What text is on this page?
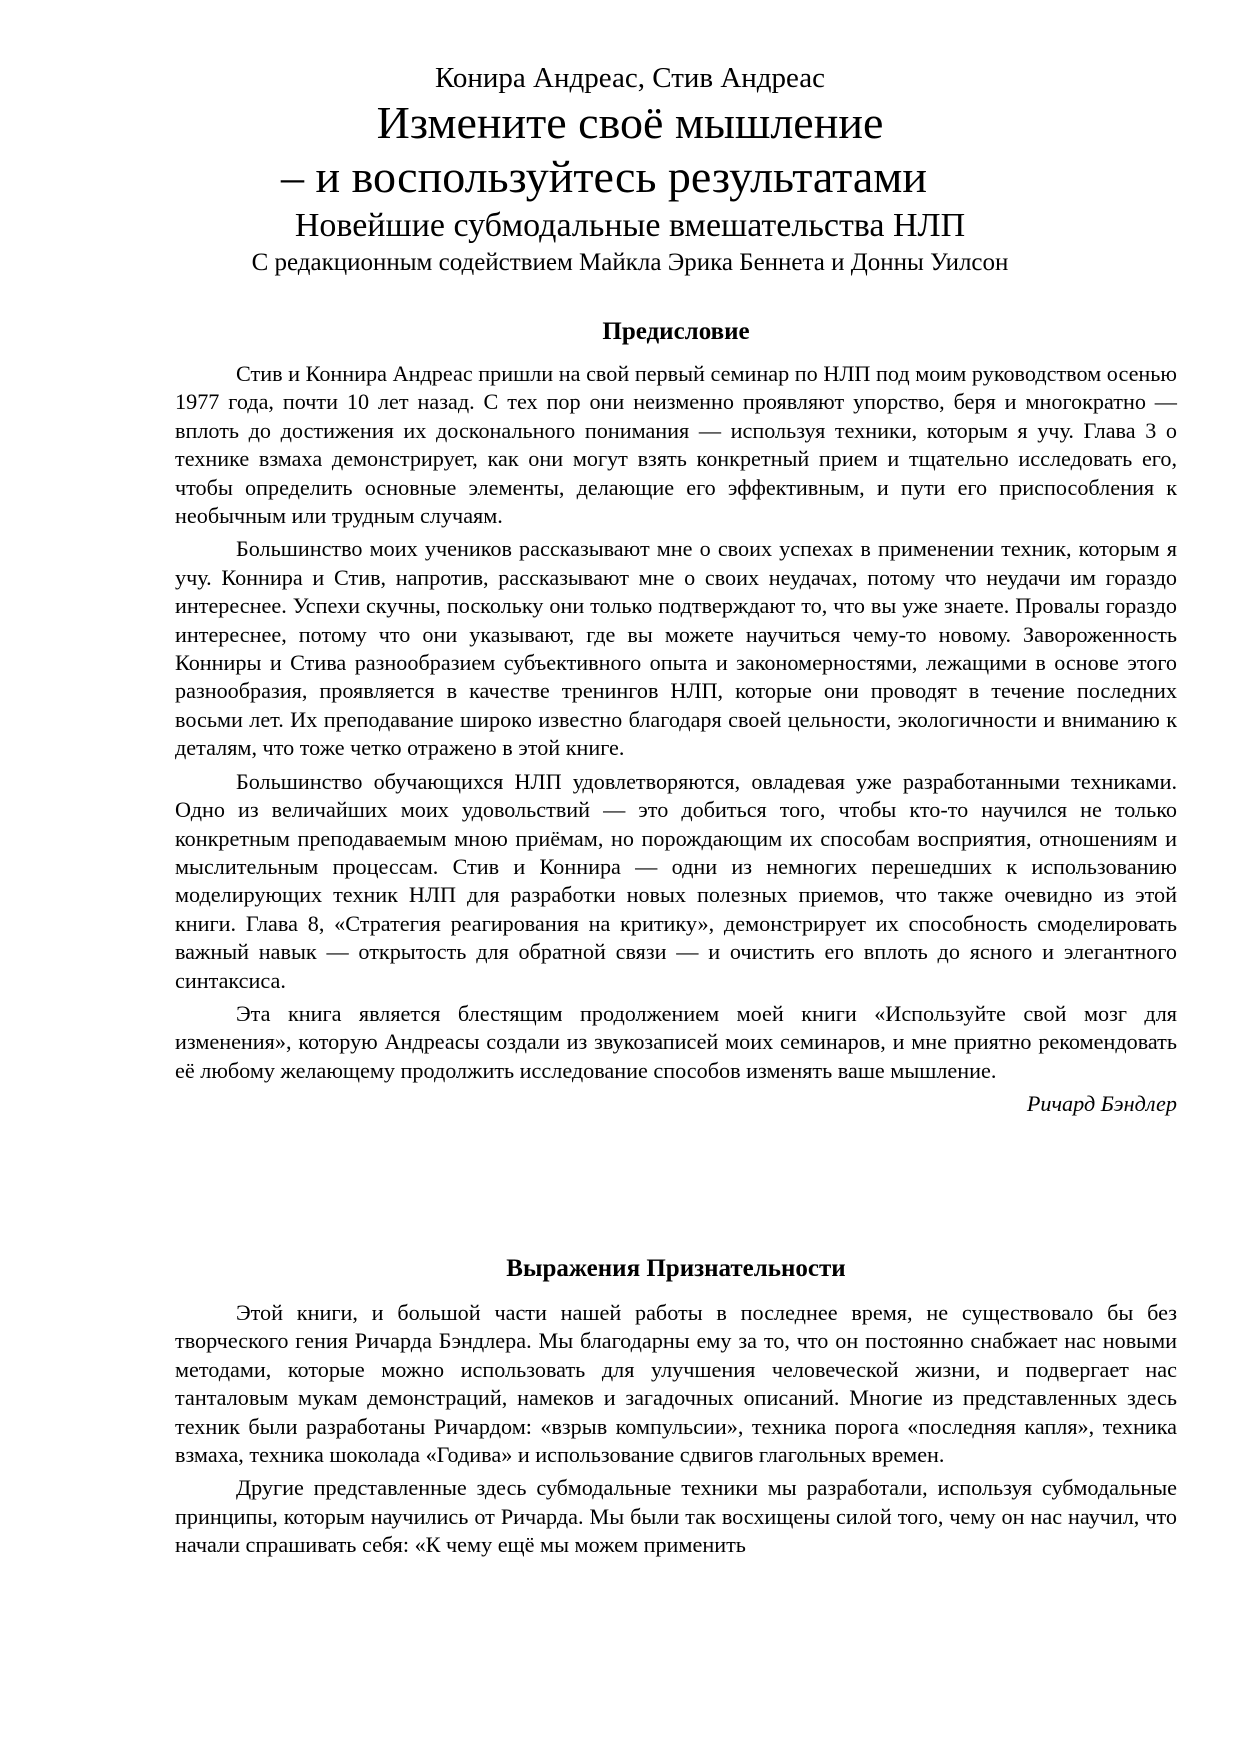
Конира Андреас, Стив Андреас

Измените своё мышление

– и воспользуйтесь результатами

Новейшие субмодальные вмешательства НЛП

С редакционным содействием Майкла Эрика Беннета и Донны Уилсон

Предисловие

Стив и Коннира Андреас пришли на свой первый семинар по НЛП под моим руководством осенью 1977 года, почти 10 лет назад. С тех пор они неизменно проявляют упорство, беря и многократно — вплоть до достижения их досконального понимания — используя техники, которым я учу. Глава 3 о технике взмаха демонстрирует, как они могут взять конкретный прием и тщательно исследовать его, чтобы определить основные элементы, делающие его эффективным, и пути его приспособления к необычным или трудным случаям.

Большинство моих учеников рассказывают мне о своих успехах в применении техник, которым я учу. Коннира и Стив, напротив, рассказывают мне о своих неудачах, потому что неудачи им гораздо интереснее. Успехи скучны, поскольку они только подтверждают то, что вы уже знаете. Провалы гораздо интереснее, потому что они указывают, где вы можете научиться чему-то новому. Завороженность Конниры и Стива разнообразием субъективного опыта и закономерностями, лежащими в основе этого разнообразия, проявляется в качестве тренингов НЛП, которые они проводят в течение последних восьми лет. Их преподавание широко известно благодаря своей цельности, экологичности и вниманию к деталям, что тоже четко отражено в этой книге.

Большинство обучающихся НЛП удовлетворяются, овладевая уже разработанными техниками. Одно из величайших моих удовольствий — это добиться того, чтобы кто-то научился не только конкретным преподаваемым мною приёмам, но порождающим их способам восприятия, отношениям и мыслительным процессам. Стив и Коннира — одни из немногих перешедших к использованию моделирующих техник НЛП для разработки новых полезных приемов, что также очевидно из этой книги. Глава 8, «Стратегия реагирования на критику», демонстрирует их способность смоделировать важный навык — открытость для обратной связи — и очистить его вплоть до ясного и элегантного синтаксиса.

Эта книга является блестящим продолжением моей книги «Используйте свой мозг для изменения», которую Андреасы создали из звукозаписей моих семинаров, и мне приятно рекомендовать её любому желающему продолжить исследование способов изменять ваше мышление.

Ричард Бэндлер

Выражения Признательности

Этой книги, и большой части нашей работы в последнее время, не существовало бы без творческого гения Ричарда Бэндлера. Мы благодарны ему за то, что он постоянно снабжает нас новыми методами, которые можно использовать для улучшения человеческой жизни, и подвергает нас танталовым мукам демонстраций, намеков и загадочных описаний. Многие из представленных здесь техник были разработаны Ричардом: «взрыв компульсии», техника порога «последняя капля», техника взмаха, техника шоколада «Годива» и использование сдвигов глагольных времен.

Другие представленные здесь субмодальные техники мы разработали, используя субмодальные принципы, которым научились от Ричарда. Мы были так восхищены силой того, чему он нас научил, что начали спрашивать себя: «К чему ещё мы можем применить
